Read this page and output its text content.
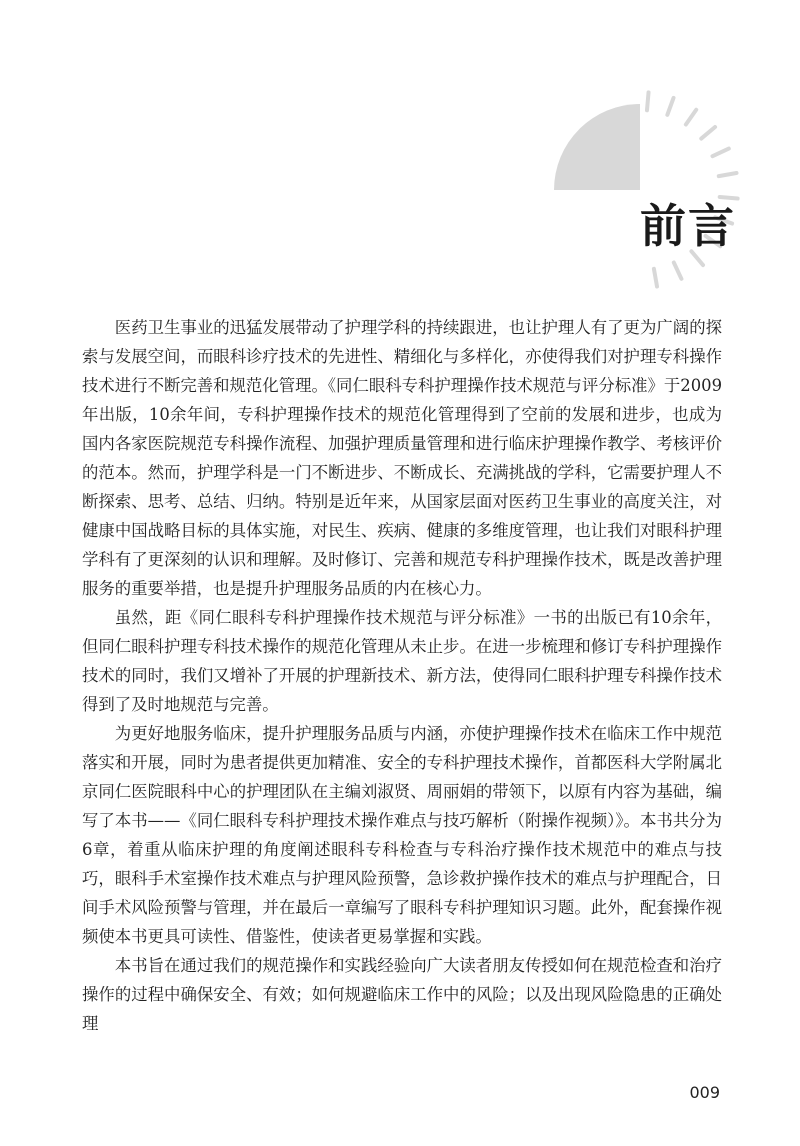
前言

医药卫生事业的迅猛发展带动了护理学科的持续跟进，也让护理人有了更为广阔的探索与发展空间，而眼科诊疗技术的先进性、精细化与多样化，亦使得我们对护理专科操作技术进行不断完善和规范化管理。《同仁眼科专科护理操作技术规范与评分标准》于2009年出版，10余年间，专科护理操作技术的规范化管理得到了空前的发展和进步，也成为国内各家医院规范专科操作流程、加强护理质量管理和进行临床护理操作教学、考核评价的范本。然而，护理学科是一门不断进步、不断成长、充满挑战的学科，它需要护理人不断探索、思考、总结、归纳。特别是近年来，从国家层面对医药卫生事业的高度关注，对健康中国战略目标的具体实施，对民生、疾病、健康的多维度管理，也让我们对眼科护理学科有了更深刻的认识和理解。及时修订、完善和规范专科护理操作技术，既是改善护理服务的重要举措，也是提升护理服务品质的内在核心力。

虽然，距《同仁眼科专科护理操作技术规范与评分标准》一书的出版已有10余年，但同仁眼科护理专科技术操作的规范化管理从未止步。在进一步梳理和修订专科护理操作技术的同时，我们又增补了开展的护理新技术、新方法，使得同仁眼科护理专科操作技术得到了及时地规范与完善。

为更好地服务临床，提升护理服务品质与内涵，亦使护理操作技术在临床工作中规范落实和开展，同时为患者提供更加精准、安全的专科护理技术操作，首都医科大学附属北京同仁医院眼科中心的护理团队在主编刘淑贤、周丽娟的带领下，以原有内容为基础，编写了本书——《同仁眼科专科护理技术操作难点与技巧解析（附操作视频）》。本书共分为6章，着重从临床护理的角度阐述眼科专科检查与专科治疗操作技术规范中的难点与技巧，眼科手术室操作技术难点与护理风险预警，急诊救护操作技术的难点与护理配合，日间手术风险预警与管理，并在最后一章编写了眼科专科护理知识习题。此外，配套操作视频使本书更具可读性、借鉴性，使读者更易掌握和实践。

本书旨在通过我们的规范操作和实践经验向广大读者朋友传授如何在规范检查和治疗操作的过程中确保安全、有效；如何规避临床工作中的风险；以及出现风险隐患的正确处理

009
